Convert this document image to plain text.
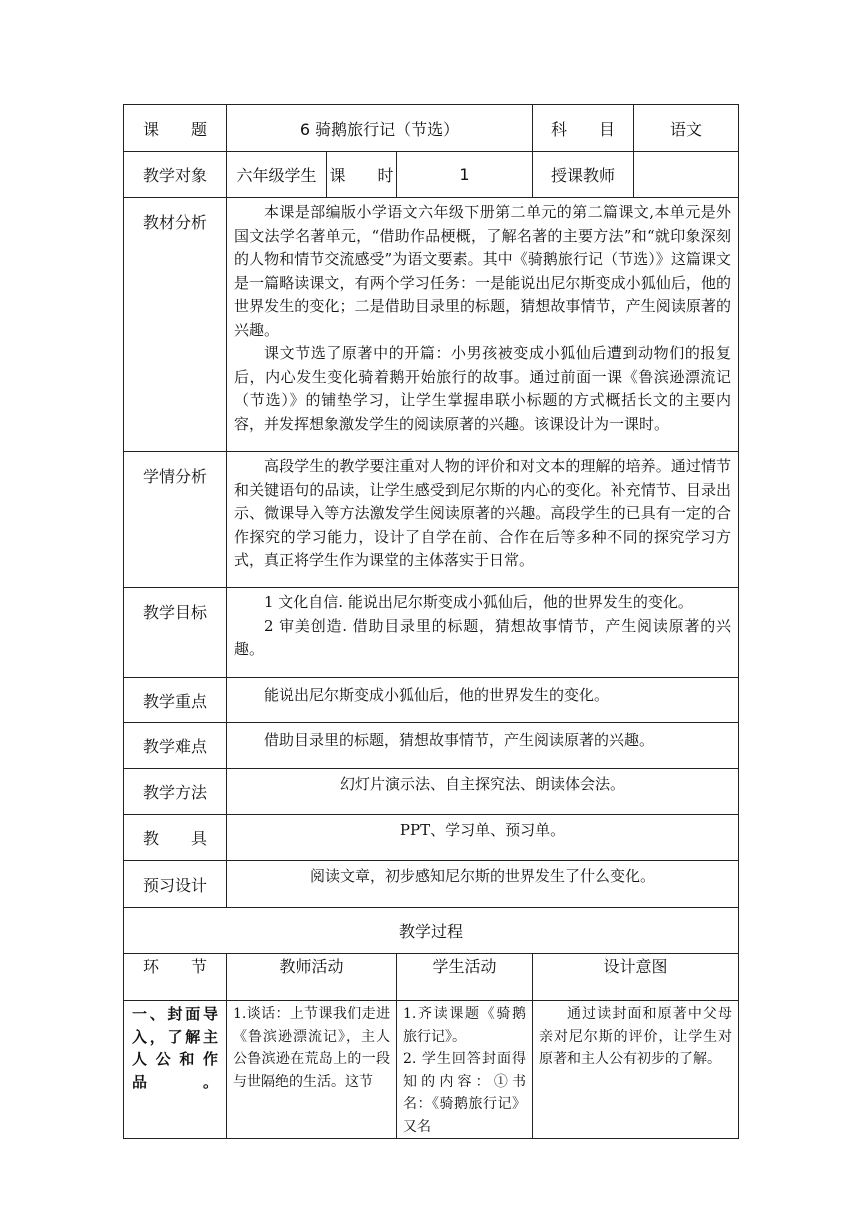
课　　题	6 骑鹅旅行记（节选）			科　　目	语文
教学对象	六年级学生	课　　时	1	授课教师	
教材分析	本课是部编版小学语文六年级下册第二单元的第二篇课文,本单元是外国文法学名著单元，“借助作品梗概，了解名著的主要方法”和“就印象深刻的人物和情节交流感受”为语文要素。其中《骑鹅旅行记（节选）》这篇课文是一篇略读课文，有两个学习任务：一是能说出尼尔斯变成小狐仙后，他的世界发生的变化；二是借助目录里的标题，猜想故事情节，产生阅读原著的兴趣。

课文节选了原著中的开篇：小男孩被变成小狐仙后遭到动物们的报复后，内心发生变化骑着鹅开始旅行的故事。通过前面一课《鲁滨逊漂流记（节选）》的铺垫学习，让学生掌握串联小标题的方式概括长文的主要内容，并发挥想象激发学生的阅读原著的兴趣。该课设计为一课时。				

学情分析	高段学生的教学要注重对人物的评价和对文本的理解的培养。通过情节和关键语句的品读，让学生感受到尼尔斯的内心的变化。补充情节、目录出示、微课导入等方法激发学生阅读原著的兴趣。高段学生的已具有一定的合作探究的学习能力，设计了自学在前、合作在后等多种不同的探究学习方式，真正将学生作为课堂的主体落实于日常。				

教学目标	1 文化自信. 能说出尼尔斯变成小狐仙后，他的世界发生的变化。

2 审美创造. 借助目录里的标题，猜想故事情节，产生阅读原著的兴趣。				

教学重点	能说出尼尔斯变成小狐仙后，他的世界发生的变化。				
教学难点	借助目录里的标题，猜想故事情节，产生阅读原著的兴趣。				
教学方法	幻灯片演示法、自主探究法、朗读体会法。				
教　　具	PPT、学习单、预习单。				
预习设计	阅读文章，初步感知尼尔斯的世界发生了什么变化。				
教学过程					
环　　节	教师活动		学生活动	设计意图	
一、封面导入，了解主人公和作品。	1.谈话：上节课我们走进《鲁滨逊漂流记》，主人公鲁滨逊在荒岛上的一段与世隔绝的生活。这节		1.齐读课题《骑鹅旅行记》。

2. 学生回答封面得知的内容：①书名：《骑鹅旅行记》又名	通过读封面和原著中父母亲对尼尔斯的评价，让学生对原著和主人公有初步的了解。	
